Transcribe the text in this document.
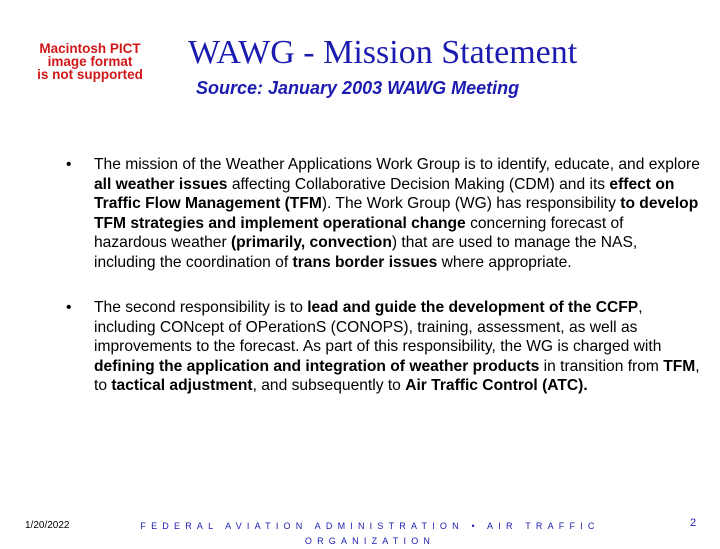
Macintosh PICT
image format
is not supported
WAWG - Mission Statement
Source: January 2003 WAWG Meeting
• The mission of the Weather Applications Work Group is to identify, educate, and explore all weather issues affecting Collaborative Decision Making (CDM) and its effect on Traffic Flow Management (TFM). The Work Group (WG) has responsibility to develop TFM strategies and implement operational change concerning forecast of hazardous weather (primarily, convection) that are used to manage the NAS, including the coordination of trans border issues where appropriate.
• The second responsibility is to lead and guide the development of the CCFP, including CONcept of OPerationS (CONOPS), training, assessment, as well as improvements to the forecast. As part of this responsibility, the WG is charged with defining the application and integration of weather products in transition from TFM, to tactical adjustment, and subsequently to Air Traffic Control (ATC).
1/20/2022	FEDERAL AVIATION ADMINISTRATION • AIR TRAFFIC ORGANIZATION
2
